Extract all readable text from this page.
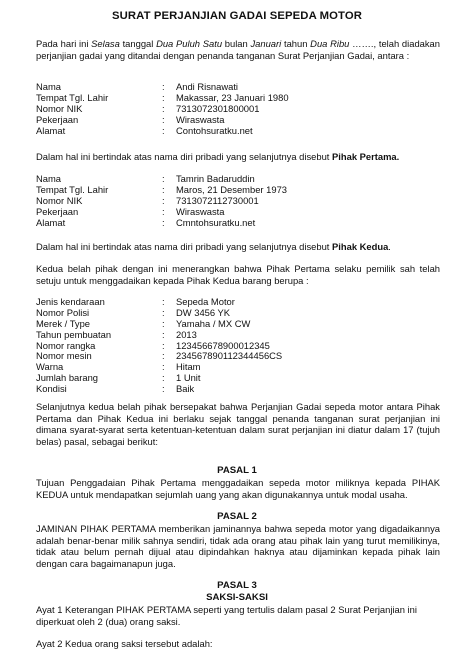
SURAT PERJANJIAN GADAI SEPEDA MOTOR

Pada hari ini Selasa tanggal Dua Puluh Satu bulan Januari tahun Dua Ribu ……., telah diadakan perjanjian gadai yang ditandai dengan penanda tanganan Surat Perjanjian Gadai, antara :

Nama	: Andi Risnawati
Tempat Tgl. Lahir	: Makassar, 23 Januari 1980
Nomor NIK	: 7313072301800001
Pekerjaan	: Wiraswasta
Alamat	: Contohsuratku.net

Dalam hal ini bertindak atas nama diri pribadi yang selanjutnya disebut Pihak Pertama.

Nama	: Tamrin Badaruddin
Tempat Tgl. Lahir	: Maros, 21 Desember 1973
Nomor NIK	: 7313072112730001
Pekerjaan	: Wiraswasta
Alamat	: Cmntohsuratku.net

Dalam hal ini bertindak atas nama diri pribadi yang selanjutnya disebut Pihak Kedua.

Kedua belah pihak dengan ini menerangkan bahwa Pihak Pertama selaku pemilik sah telah setuju untuk menggadaikan kepada Pihak Kedua barang berupa :

Jenis kendaraan	: Sepeda Motor
Nomor Polisi	: DW 3456 YK
Merek / Type	: Yamaha / MX CW
Tahun pembuatan	: 2013
Nomor rangka	: 123456678900012345
Nomor mesin	: 234567890112344456CS
Warna	: Hitam
Jumlah barang	: 1 Unit
Kondisi	: Baik

Selanjutnya kedua belah pihak bersepakat bahwa Perjanjian Gadai sepeda motor antara Pihak Pertama dan Pihak Kedua ini berlaku sejak tanggal penanda tanganan surat perjanjian ini dimana syarat-syarat serta ketentuan-ketentuan dalam surat perjanjian ini diatur dalam 17 (tujuh belas) pasal, sebagai berikut:

PASAL 1

Tujuan Penggadaian Pihak Pertama menggadaikan sepeda motor miliknya kepada PIHAK KEDUA untuk mendapatkan sejumlah uang yang akan digunakannya untuk modal usaha.

PASAL 2

JAMINAN PIHAK PERTAMA memberikan jaminannya bahwa sepeda motor yang digadaikannya adalah benar-benar milik sahnya sendiri, tidak ada orang atau pihak lain yang turut memilikinya, tidak atau belum pernah dijual atau dipindahkan haknya atau dijaminkan kepada pihak lain dengan cara bagaimanapun juga.

PASAL 3
SAKSI-SAKSI

Ayat 1 Keterangan PIHAK PERTAMA seperti yang tertulis dalam pasal 2 Surat Perjanjian ini diperkuat oleh 2 (dua) orang saksi.

Ayat 2 Kedua orang saksi tersebut adalah:
